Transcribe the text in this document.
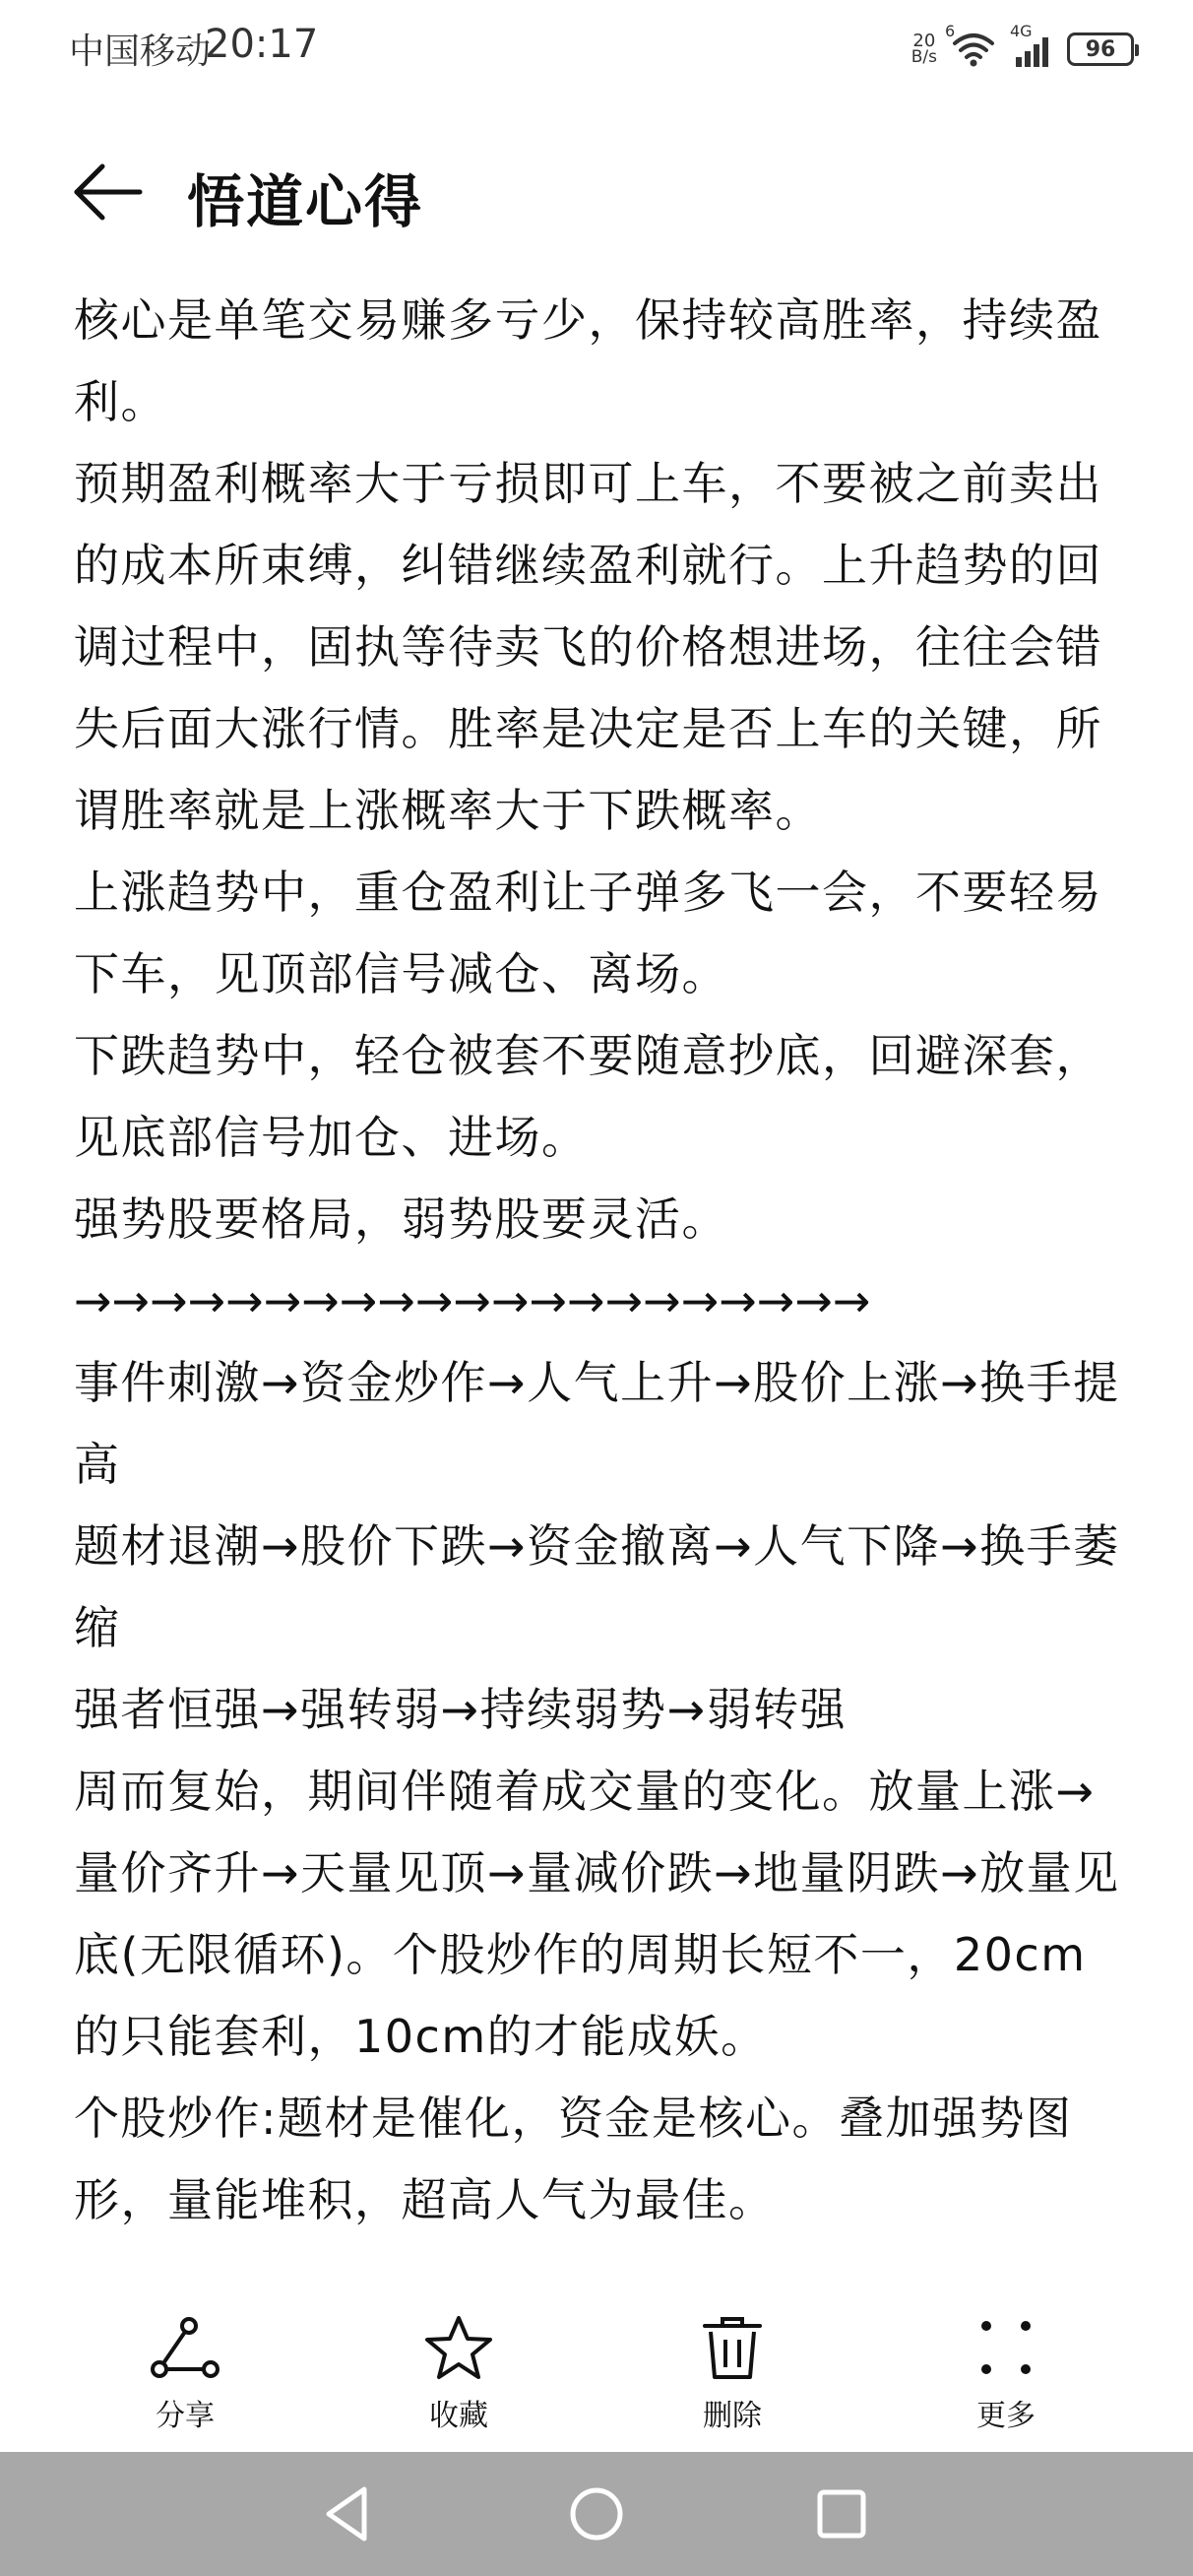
中国移动
20:17	20
B/s
6	4G
96
悟道心得

核心是单笔交易赚多亏少，保持较高胜率，持续盈利。

预期盈利概率大于亏损即可上车，不要被之前卖出的成本所束缚，纠错继续盈利就行。上升趋势的回调过程中，固执等待卖飞的价格想进场，往往会错失后面大涨行情。胜率是决定是否上车的关键，所谓胜率就是上涨概率大于下跌概率。

上涨趋势中，重仓盈利让子弹多飞一会，不要轻易下车，见顶部信号减仓、离场。

下跌趋势中，轻仓被套不要随意抄底，回避深套，见底部信号加仓、进场。

强势股要格局，弱势股要灵活。

→→→→→→→→→→→→→→→→→→→→→

事件刺激→资金炒作→人气上升→股价上涨→换手提高

题材退潮→股价下跌→资金撤离→人气下降→换手萎缩

强者恒强→强转弱→持续弱势→弱转强

周而复始，期间伴随着成交量的变化。放量上涨→量价齐升→天量见顶→量减价跌→地量阴跌→放量见底(无限循环)。个股炒作的周期长短不一，20cm的只能套利，10cm的才能成妖。

个股炒作:题材是催化，资金是核心。叠加强势图形，量能堆积，超高人气为最佳。

分享	收藏	删除	更多
